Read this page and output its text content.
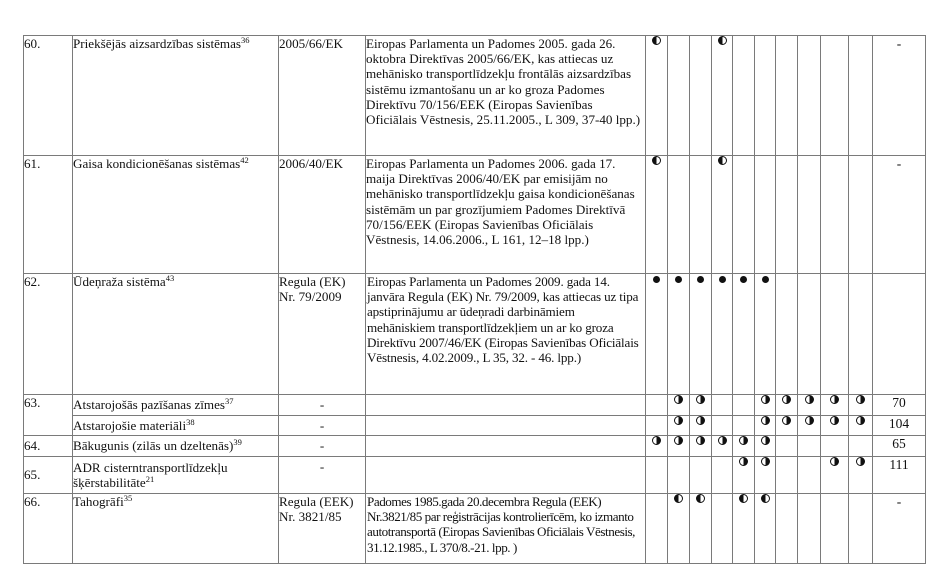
60.	Priekšējās aizsardzības sistēmas$^{36}$	2005/66/EK	Eiropas Parlamenta un Padomes 2005. gada 26. oktobra Direktīvas 2005/66/EK, kas attiecas uz mehānisko transportlīdzekļu frontālās aizsardzības sistēmu izmantošanu un ar ko groza Padomes Direktīvu 70/156/EEK (Eiropas Savienības Oficiālais Vēstnesis, 25.11.2005., L 309, 37-40 lpp.)											-
61.	Gaisa kondicionēšanas sistēmas$^{42}$	2006/40/EK	Eiropas Parlamenta un Padomes 2006. gada 17. maija Direktīvas 2006/40/EK par emisijām no mehānisko transportlīdzekļu gaisa kondicionēšanas sistēmām un par grozījumiem Padomes Direktīvā 70/156/EEK (Eiropas Savienības Oficiālais Vēstnesis, 14.06.2006., L 161, 12–18 lpp.)											-
62.	Ūdeņraža sistēma$^{43}$	Regula (EK) Nr. 79/2009	Eiropas Parlamenta un Padomes 2009. gada 14. janvāra Regula (EK) Nr. 79/2009, kas attiecas uz tipa apstiprinājumu ar ūdeņradi darbināmiem mehāniskiem transportlīdzekļiem un ar ko groza Direktīvu 2007/46/EK (Eiropas Savienības Oficiālais Vēstnesis, 4.02.2009., L 35, 32. - 46. lpp.)											
63.	Atstarojošās pazīšanas zīmes$^{37}$	-												70
	Atstarojošie materiāli$^{38}$	-												104
64.	Bākugunis (zilās un dzeltenās)$^{39}$	-												65
65.	ADR cisterntransportlīdzekļu šķērstabilitāte$^{21}$	-												111
66.	Tahogrāfi$^{35}$	Regula (EEK) Nr. 3821/85	Padomes 1985.gada 20.decembra Regula (EEK) Nr.3821/85 par reģistrācijas kontrolierīcēm, ko izmanto autotransportā (Eiropas Savienības Oficiālais Vēstnesis, 31.12.1985., L 370/8.-21. lpp. )											-
